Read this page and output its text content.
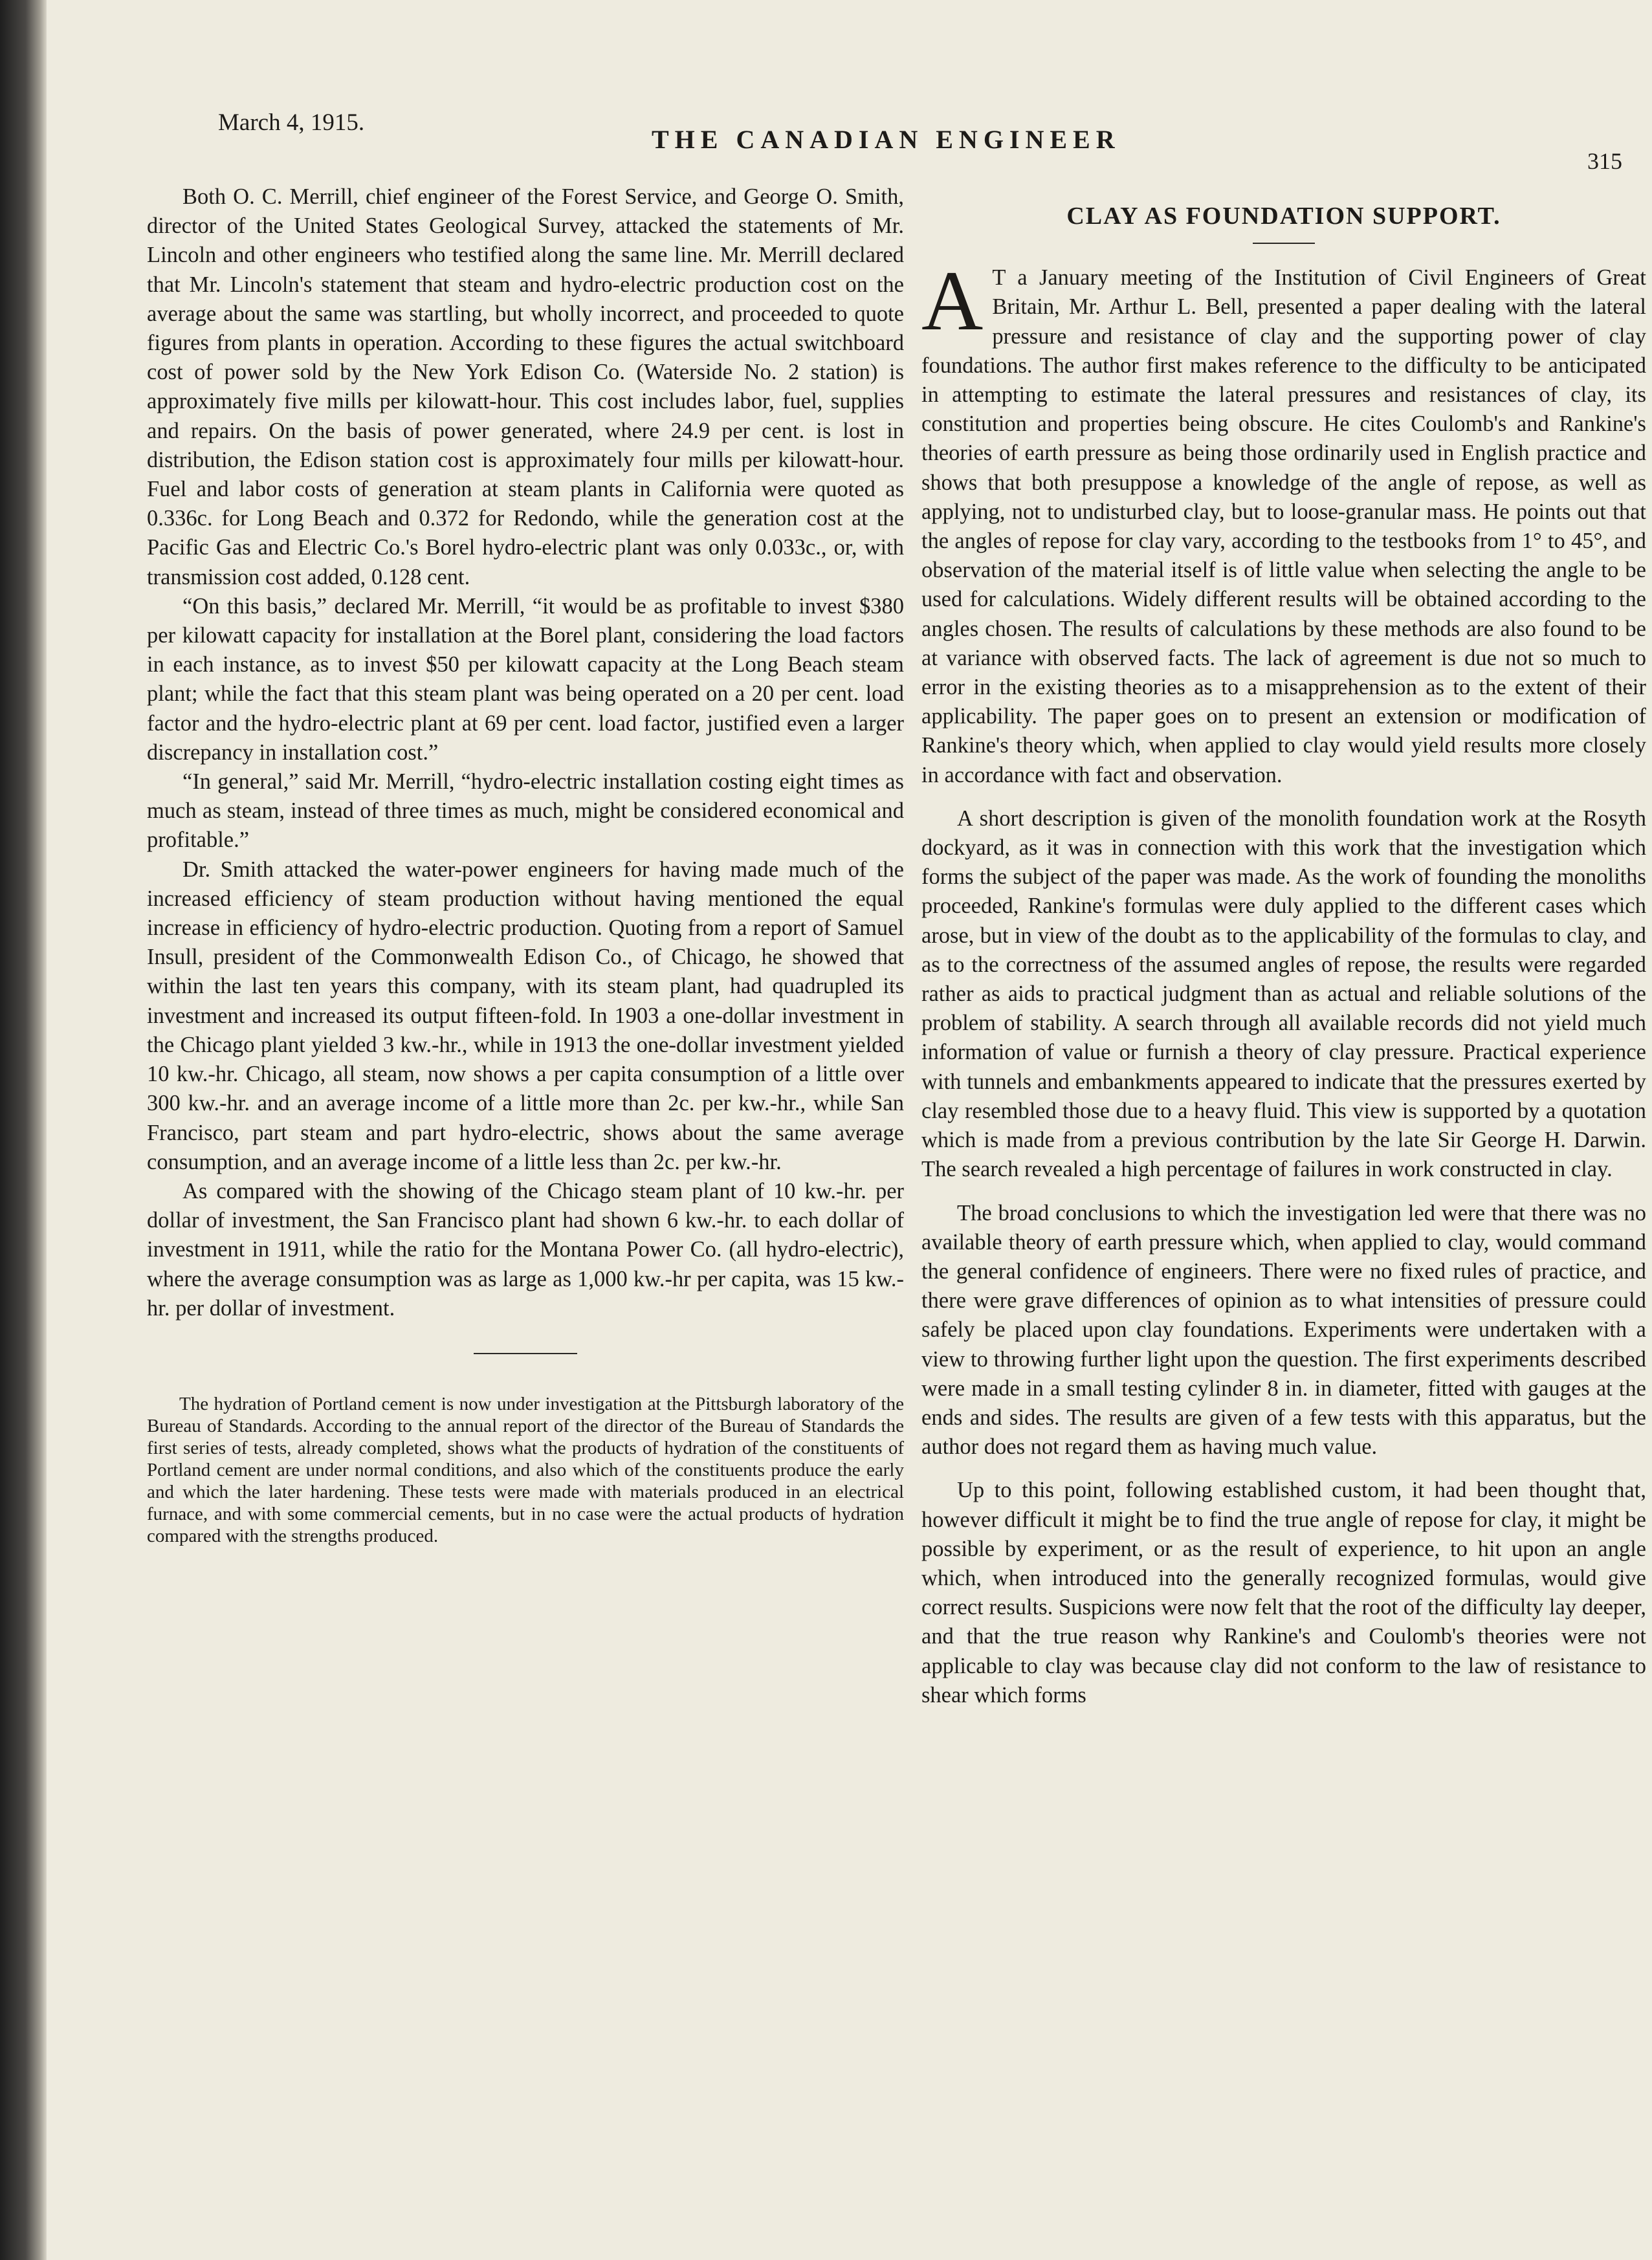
March 4, 1915.
THE CANADIAN ENGINEER
315

Both O. C. Merrill, chief engineer of the Forest Service, and George O. Smith, director of the United States Geological Survey, attacked the statements of Mr. Lincoln and other engineers who testified along the same line. Mr. Merrill declared that Mr. Lincoln's statement that steam and hydro-electric production cost on the average about the same was startling, but wholly incorrect, and proceeded to quote figures from plants in operation. According to these figures the actual switchboard cost of power sold by the New York Edison Co. (Waterside No. 2 station) is approximately five mills per kilowatt-hour. This cost includes labor, fuel, supplies and repairs. On the basis of power generated, where 24.9 per cent. is lost in distribution, the Edison station cost is approximately four mills per kilowatt-hour. Fuel and labor costs of generation at steam plants in California were quoted as 0.336c. for Long Beach and 0.372 for Redondo, while the generation cost at the Pacific Gas and Electric Co.'s Borel hydro-electric plant was only 0.033c., or, with transmission cost added, 0.128 cent.

“On this basis,” declared Mr. Merrill, “it would be as profitable to invest $380 per kilowatt capacity for installation at the Borel plant, considering the load factors in each instance, as to invest $50 per kilowatt capacity at the Long Beach steam plant; while the fact that this steam plant was being operated on a 20 per cent. load factor and the hydro-electric plant at 69 per cent. load factor, justified even a larger discrepancy in installation cost.”

“In general,” said Mr. Merrill, “hydro-electric installation costing eight times as much as steam, instead of three times as much, might be considered economical and profitable.”

Dr. Smith attacked the water-power engineers for having made much of the increased efficiency of steam production without having mentioned the equal increase in efficiency of hydro-electric production. Quoting from a report of Samuel Insull, president of the Commonwealth Edison Co., of Chicago, he showed that within the last ten years this company, with its steam plant, had quadrupled its investment and increased its output fifteen-fold. In 1903 a one-dollar investment in the Chicago plant yielded 3 kw.-hr., while in 1913 the one-dollar investment yielded 10 kw.-hr. Chicago, all steam, now shows a per capita consumption of a little over 300 kw.-hr. and an average income of a little more than 2c. per kw.-hr., while San Francisco, part steam and part hydro-electric, shows about the same average consumption, and an average income of a little less than 2c. per kw.-hr.

As compared with the showing of the Chicago steam plant of 10 kw.-hr. per dollar of investment, the San Francisco plant had shown 6 kw.-hr. to each dollar of investment in 1911, while the ratio for the Montana Power Co. (all hydro-electric), where the average consumption was as large as 1,000 kw.-hr per capita, was 15 kw.-hr. per dollar of investment.

The hydration of Portland cement is now under investigation at the Pittsburgh laboratory of the Bureau of Standards. According to the annual report of the director of the Bureau of Standards the first series of tests, already completed, shows what the products of hydration of the constituents of Portland cement are under normal conditions, and also which of the constituents produce the early and which the later hardening. These tests were made with materials produced in an electrical furnace, and with some commercial cements, but in no case were the actual products of hydration compared with the strengths produced.

CLAY AS FOUNDATION SUPPORT.

A T a January meeting of the Institution of Civil Engineers of Great Britain, Mr. Arthur L. Bell, presented a paper dealing with the lateral pressure and resistance of clay and the supporting power of clay foundations. The author first makes reference to the difficulty to be anticipated in attempting to estimate the lateral pressures and resistances of clay, its constitution and properties being obscure. He cites Coulomb's and Rankine's theories of earth pressure as being those ordinarily used in English practice and shows that both presuppose a knowledge of the angle of repose, as well as applying, not to undisturbed clay, but to loose-granular mass. He points out that the angles of repose for clay vary, according to the testbooks from 1° to 45°, and observation of the material itself is of little value when selecting the angle to be used for calculations. Widely different results will be obtained according to the angles chosen. The results of calculations by these methods are also found to be at variance with observed facts. The lack of agreement is due not so much to error in the existing theories as to a misapprehension as to the extent of their applicability. The paper goes on to present an extension or modification of Rankine's theory which, when applied to clay would yield results more closely in accordance with fact and observation.

A short description is given of the monolith foundation work at the Rosyth dockyard, as it was in connection with this work that the investigation which forms the subject of the paper was made. As the work of founding the monoliths proceeded, Rankine's formulas were duly applied to the different cases which arose, but in view of the doubt as to the applicability of the formulas to clay, and as to the correctness of the assumed angles of repose, the results were regarded rather as aids to practical judgment than as actual and reliable solutions of the problem of stability. A search through all available records did not yield much information of value or furnish a theory of clay pressure. Practical experience with tunnels and embankments appeared to indicate that the pressures exerted by clay resembled those due to a heavy fluid. This view is supported by a quotation which is made from a previous contribution by the late Sir George H. Darwin. The search revealed a high percentage of failures in work constructed in clay.

The broad conclusions to which the investigation led were that there was no available theory of earth pressure which, when applied to clay, would command the general confidence of engineers. There were no fixed rules of practice, and there were grave differences of opinion as to what intensities of pressure could safely be placed upon clay foundations. Experiments were undertaken with a view to throwing further light upon the question. The first experiments described were made in a small testing cylinder 8 in. in diameter, fitted with gauges at the ends and sides. The results are given of a few tests with this apparatus, but the author does not regard them as having much value.

Up to this point, following established custom, it had been thought that, however difficult it might be to find the true angle of repose for clay, it might be possible by experiment, or as the result of experience, to hit upon an angle which, when introduced into the generally recognized formulas, would give correct results. Suspicions were now felt that the root of the difficulty lay deeper, and that the true reason why Rankine's and Coulomb's theories were not applicable to clay was because clay did not conform to the law of resistance to shear which forms
